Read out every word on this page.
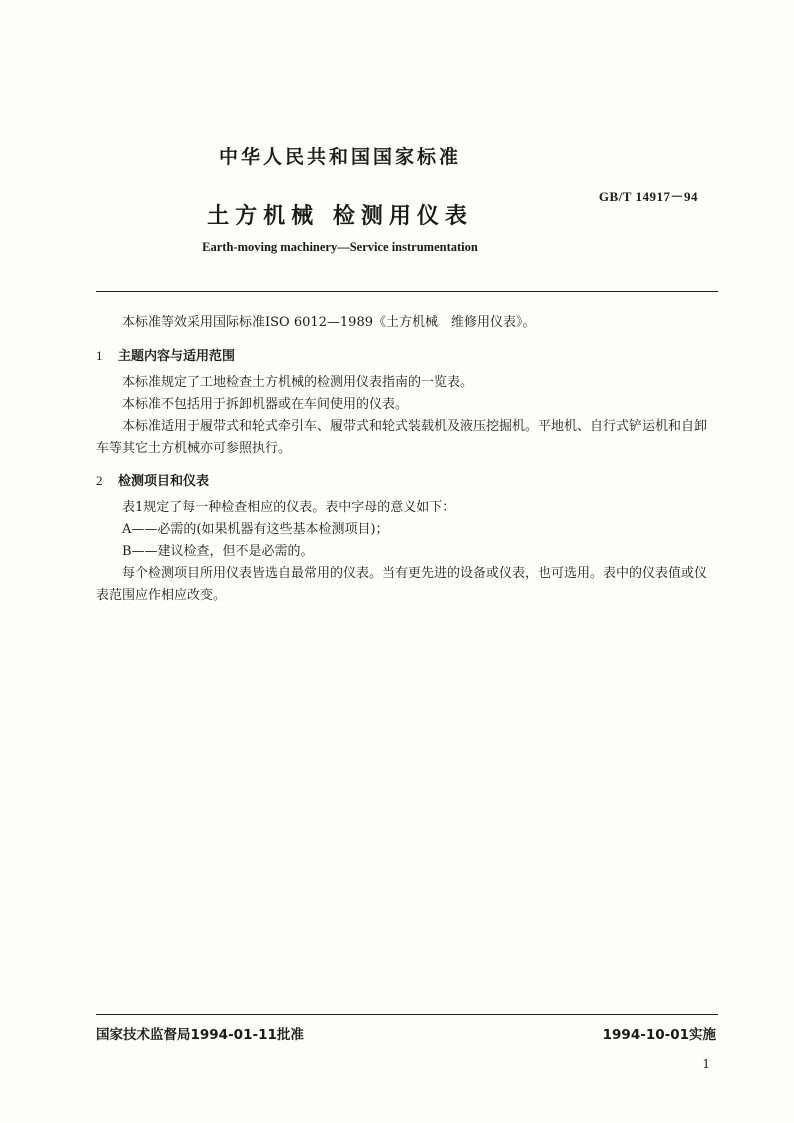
中华人民共和国国家标准
GB/T 14917－94
土方机械 检测用仪表
Earth-moving machinery—Service instrumentation

本标准等效采用国际标准ISO 6012—1989《土方机械　维修用仪表》。

1 主题内容与适用范围

本标准规定了工地检查土方机械的检测用仪表指南的一览表。

本标准不包括用于拆卸机器或在车间使用的仪表。

本标准适用于履带式和轮式牵引车、履带式和轮式装载机及液压挖掘机。平地机、自行式铲运机和自卸车等其它土方机械亦可参照执行。

2 检测项目和仪表

表1规定了每一种检查相应的仪表。表中字母的意义如下：

A——必需的(如果机器有这些基本检测项目)；

B——建议检查，但不是必需的。

每个检测项目所用仪表皆选自最常用的仪表。当有更先进的设备或仪表，也可选用。表中的仪表值或仪表范围应作相应改变。

国家技术监督局1994-01-11批准	1994-10-01实施
1
